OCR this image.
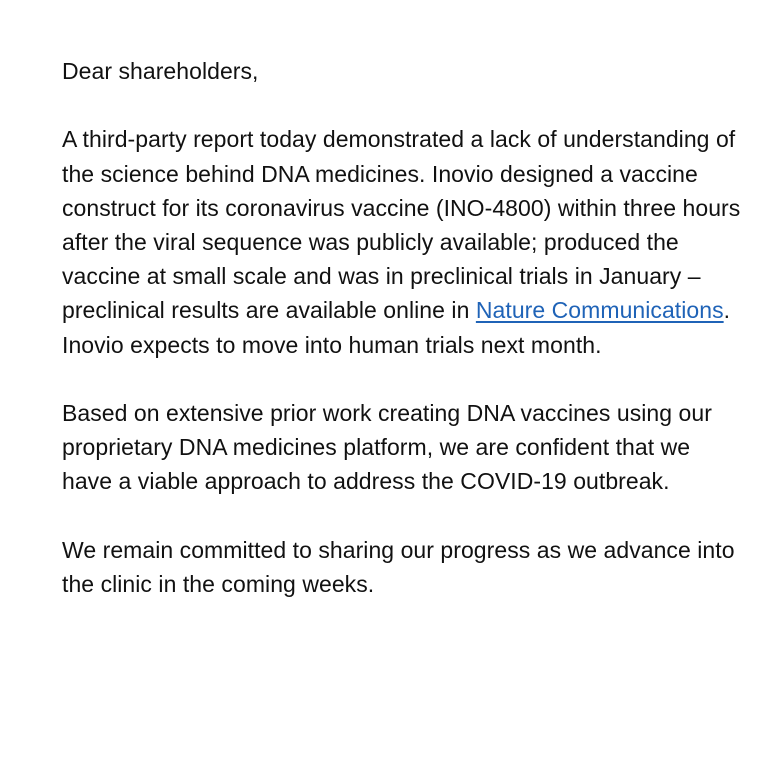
Dear shareholders,

A third-party report today demonstrated a lack of understanding of the science behind DNA medicines. Inovio designed a vaccine construct for its coronavirus vaccine (INO-4800) within three hours after the viral sequence was publicly available; produced the vaccine at small scale and was in preclinical trials in January – preclinical results are available online in Nature Communications.  Inovio expects to move into human trials next month.

Based on extensive prior work creating DNA vaccines using our proprietary DNA medicines platform, we are confident that we have a viable approach to address the COVID-19 outbreak.

We remain committed to sharing our progress as we advance into the clinic in the coming weeks.
